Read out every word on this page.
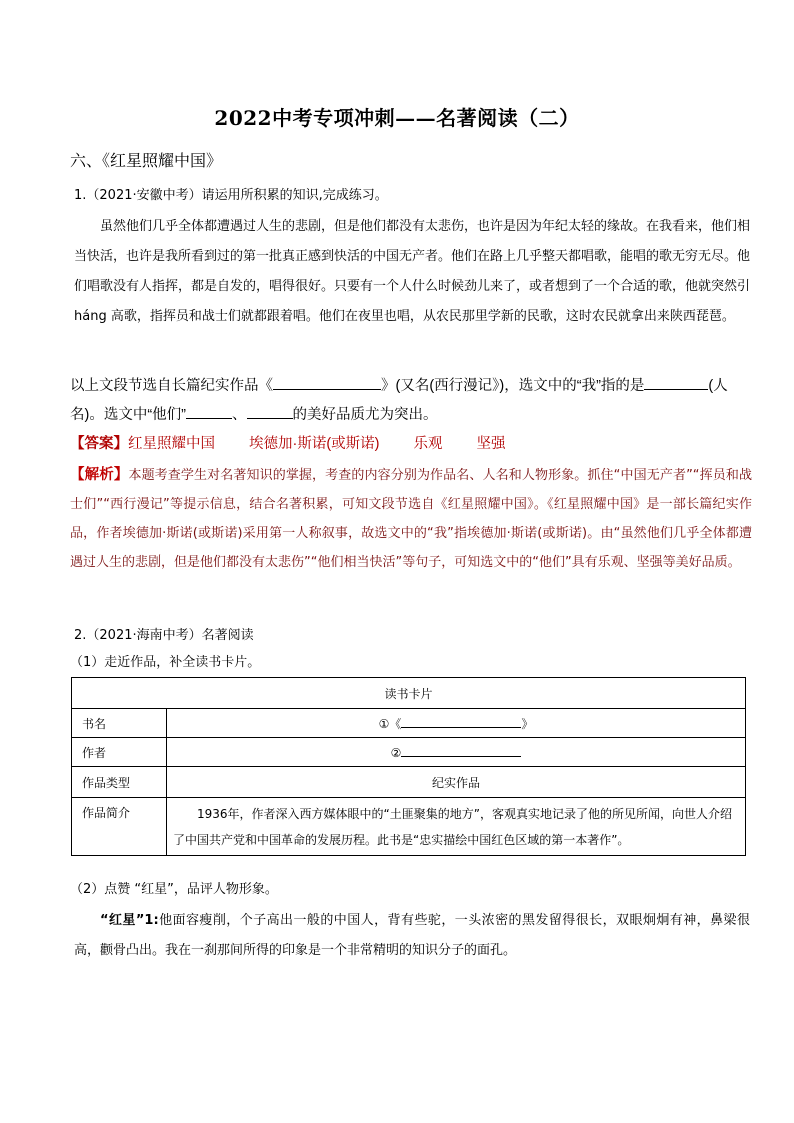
2022中考专项冲刺——名著阅读（二）
六、《红星照耀中国》
1.（2021·安徽中考）请运用所积累的知识,完成练习。
虽然他们几乎全体都遭遇过人生的悲剧，但是他们都没有太悲伤，也许是因为年纪太轻的缘故。在我看来，他们相当快活，也许是我所看到过的第一批真正感到快活的中国无产者。他们在路上几乎整天都唱歌，能唱的歌无穷无尽。他们唱歌没有人指挥，都是自发的，唱得很好。只要有一个人什么时候劲儿来了，或者想到了一个合适的歌，他就突然引 háng 高歌，指挥员和战士们就都跟着唱。他们在夜里也唱，从农民那里学新的民歌，这时农民就拿出来陕西琵琶。
以上文段节选自长篇纪实作品《	》(又名(西行漫记》)，选文中的“我”指的是	(人名)。选文中“他们”	、	的美好品质尤为突出。
【答案】红星照耀中国 埃德加·斯诺(或斯诺) 乐观 坚强
【解析】本题考查学生对名著知识的掌握，考查的内容分别为作品名、人名和人物形象。抓住“中国无产者”“挥员和战士们”“西行漫记”等提示信息，结合名著积累，可知文段节选自《红星照耀中国》。《红星照耀中国》是一部长篇纪实作品，作者埃德加·斯诺(或斯诺)采用第一人称叙事，故选文中的“我”指埃德加·斯诺(或斯诺)。由“虽然他们几乎全体都遭遇过人生的悲剧，但是他们都没有太悲伤”“他们相当快活”等句子，可知选文中的“他们”具有乐观、坚强等美好品质。
2.（2021·海南中考）名著阅读
（1）走近作品，补全读书卡片。
读书卡片	
书名	①《 》
作者	②
作品类型	纪实作品
作品简介	1936年，作者深入西方媒体眼中的“土匪聚集的地方”，客观真实地记录了他的所见所闻，向世人介绍了中国共产党和中国革命的发展历程。此书是“忠实描绘中国红色区域的第一本著作”。
（2）点赞 “红星”，品评人物形象。
“红星”1:他面容瘦削，个子高出一般的中国人，背有些驼，一头浓密的黑发留得很长，双眼炯炯有神，鼻梁很高，颧骨凸出。我在一刹那间所得的印象是一个非常精明的知识分子的面孔。
